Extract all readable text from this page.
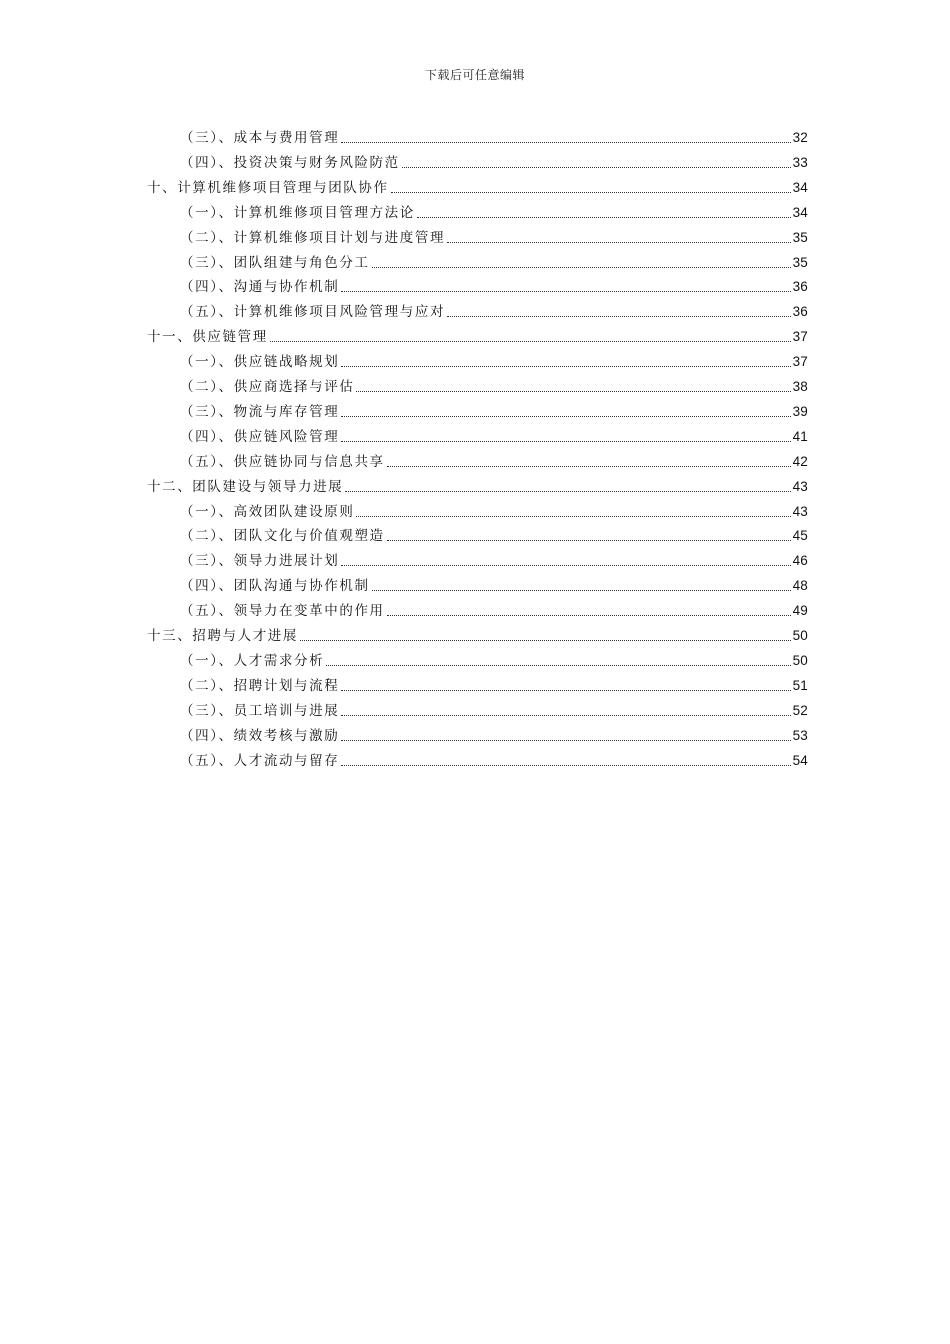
下载后可任意编辑
（三）、成本与费用管理	32
（四）、投资决策与财务风险防范	33
十、计算机维修项目管理与团队协作	34
（一）、计算机维修项目管理方法论	34
（二）、计算机维修项目计划与进度管理	35
（三）、团队组建与角色分工	35
（四）、沟通与协作机制	36
（五）、计算机维修项目风险管理与应对	36
十一、供应链管理	37
（一）、供应链战略规划	37
（二）、供应商选择与评估	38
（三）、物流与库存管理	39
（四）、供应链风险管理	41
（五）、供应链协同与信息共享	42
十二、团队建设与领导力进展	43
（一）、高效团队建设原则	43
（二）、团队文化与价值观塑造	45
（三）、领导力进展计划	46
（四）、团队沟通与协作机制	48
（五）、领导力在变革中的作用	49
十三、招聘与人才进展	50
（一）、人才需求分析	50
（二）、招聘计划与流程	51
（三）、员工培训与进展	52
（四）、绩效考核与激励	53
（五）、人才流动与留存	54
